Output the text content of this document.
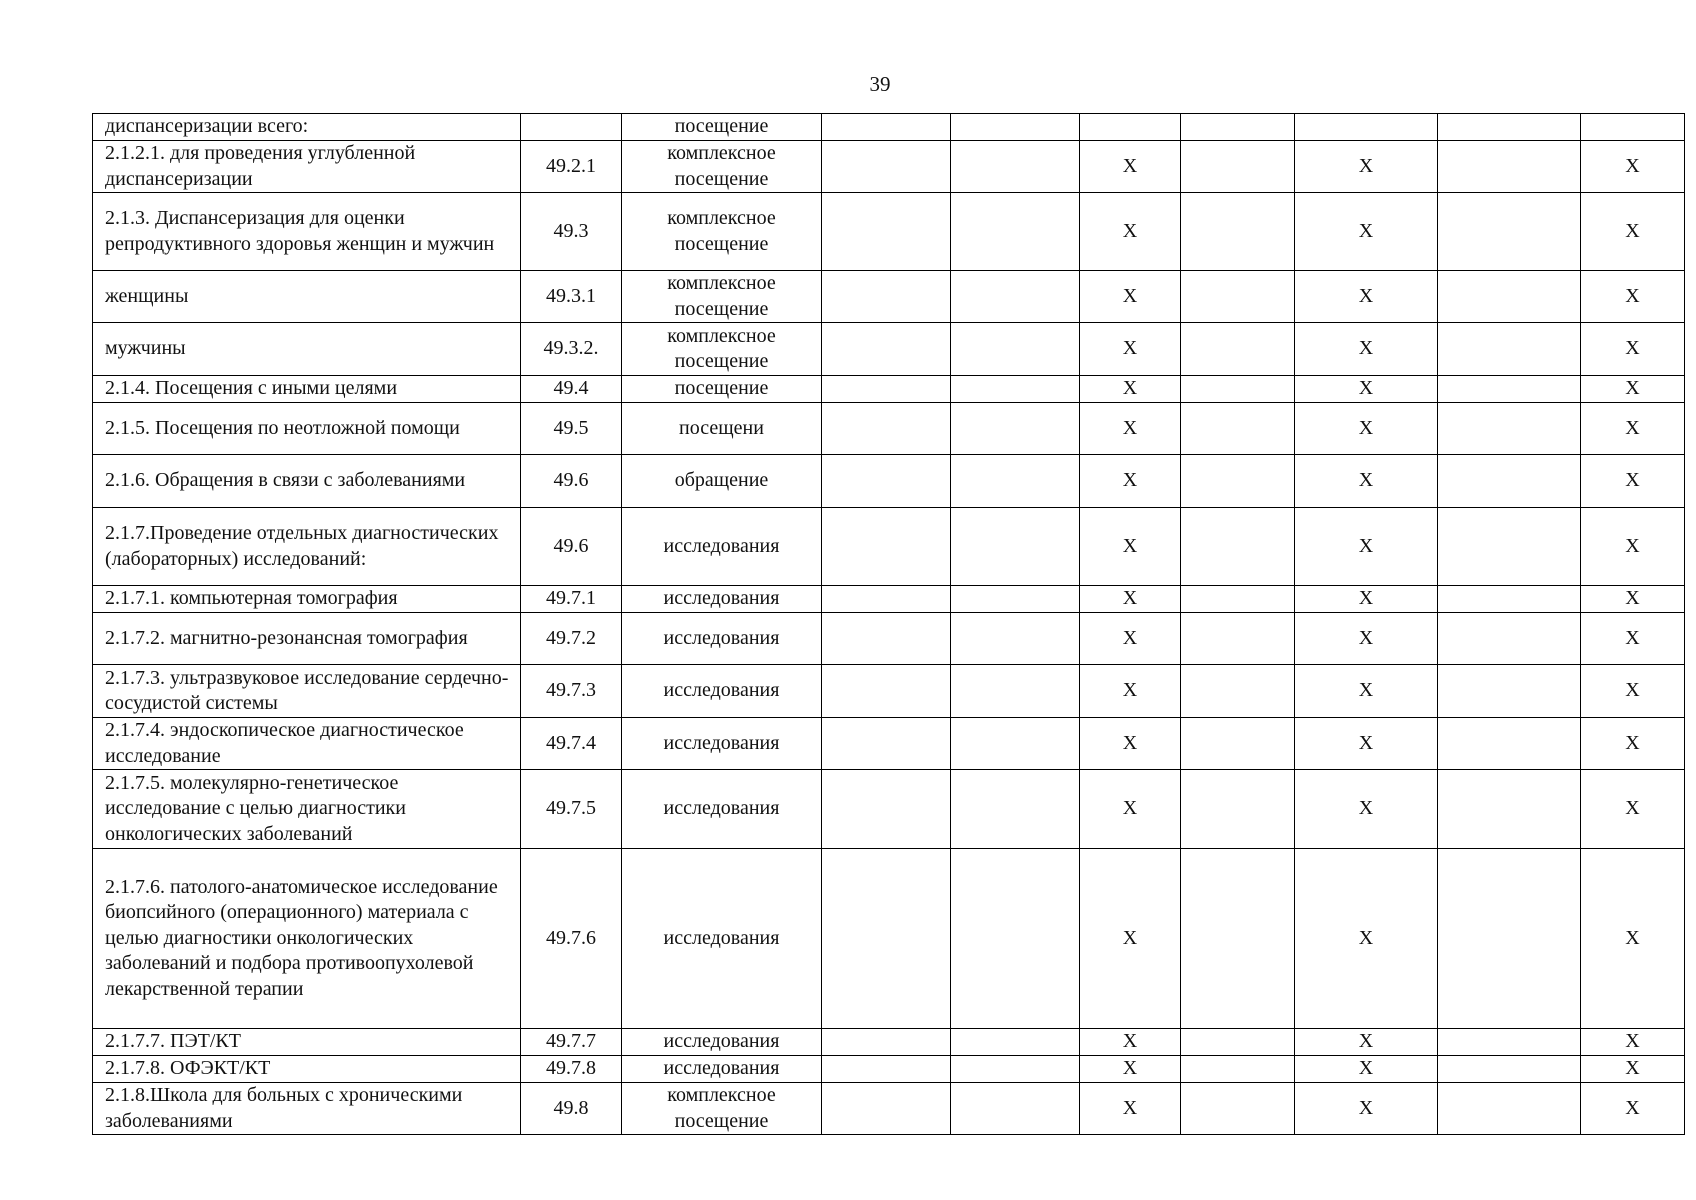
39
диспансеризации всего:		посещение							
2.1.2.1. для проведения углубленной диспансеризации	49.2.1	комплексное посещение			X		X		X
2.1.3. Диспансеризация для оценки репродуктивного здоровья женщин и мужчин	49.3	комплексное посещение			X		X		X
женщины	49.3.1	комплексное посещение			X		X		X
мужчины	49.3.2.	комплексное посещение			X		X		X
2.1.4. Посещения с иными целями	49.4	посещение			X		X		X
2.1.5. Посещения по неотложной помощи	49.5	посещени			X		X		X
2.1.6. Обращения в связи с заболеваниями	49.6	обращение			X		X		X
2.1.7.Проведение отдельных диагностических (лабораторных) исследований:	49.6	исследования			X		X		X
2.1.7.1. компьютерная томография	49.7.1	исследования			X		X		X
2.1.7.2. магнитно-резонансная томография	49.7.2	исследования			X		X		X
2.1.7.3. ультразвуковое исследование сердечно-сосудистой системы	49.7.3	исследования			X		X		X
2.1.7.4. эндоскопическое диагностическое исследование	49.7.4	исследования			X		X		X
2.1.7.5. молекулярно-генетическое исследование с целью диагностики онкологических заболеваний	49.7.5	исследования			X		X		X
2.1.7.6. патолого-анатомическое исследование биопсийного (операционного) материала с целью диагностики онкологических заболеваний и подбора противоопухолевой лекарственной терапии	49.7.6	исследования			X		X		X
2.1.7.7. ПЭТ/КТ	49.7.7	исследования			X		X		X
2.1.7.8. ОФЭКТ/КТ	49.7.8	исследования			X		X		X
2.1.8.Школа для больных с хроническими заболеваниями	49.8	комплексное посещение			X		X		X
